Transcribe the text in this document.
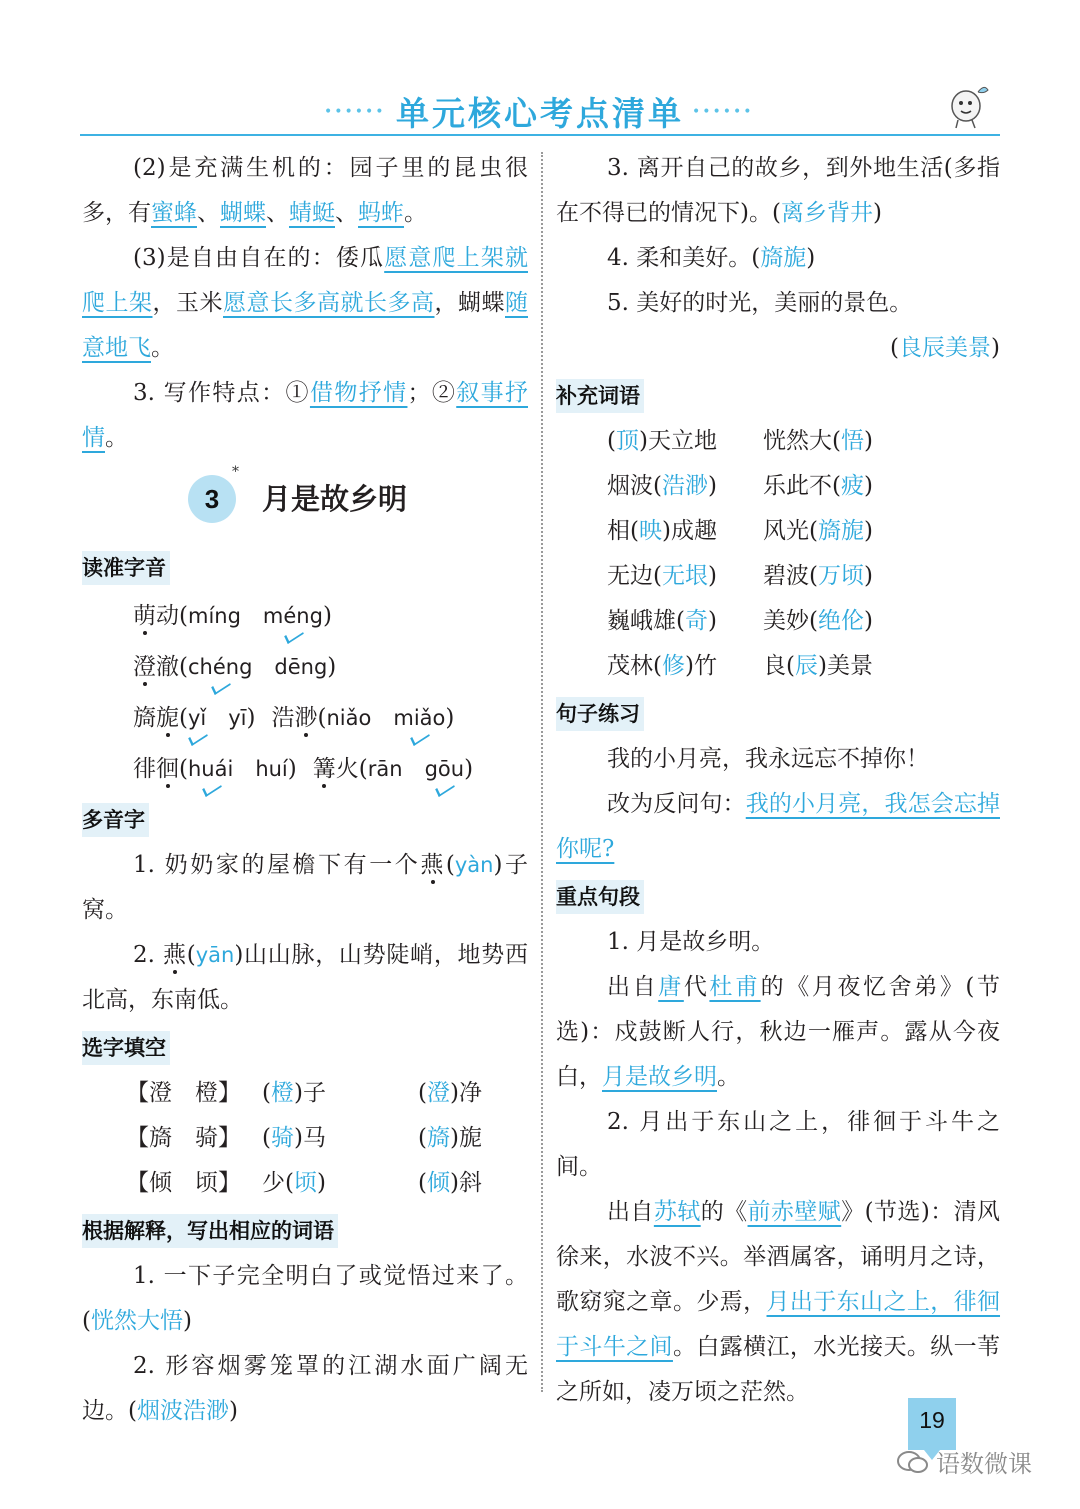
•••••• 单元核心考点清单 ••••••

(2)是充满生机的：园子里的昆虫很多，有蜜蜂、蝴蝶、蜻蜓、蚂蚱。

(3)是自由自在的：倭瓜愿意爬上架就爬上架，玉米愿意长多高就长多高，蝴蝶随意地飞。

3. 写作特点：①借物抒情；②叙事抒情。

3
*
月是故乡明
读准字音
萌动(míng méng)
澄澈(chéng dēng)
旖旎(yǐ yī) 浩渺(niǎo miǎo)
徘徊(huái huí) 篝火(rān gōu)
多音字

1. 奶奶家的屋檐下有一个燕(yàn)子窝。

2. 燕(yān)山山脉，山势陡峭，地势西北高，东南低。

选字填空
【澄　橙】 (橙)子	(澄)净
【旖　骑】 (骑)马	(旖)旎
【倾　顷】 少(顷)	(倾)斜
根据解释，写出相应的词语

1. 一下子完全明白了或觉悟过来了。(恍然大悟)

2. 形容烟雾笼罩的江湖水面广阔无边。(烟波浩渺)

3. 离开自己的故乡，到外地生活(多指在不得已的情况下)。(离乡背井)

4. 柔和美好。(旖旎)

5. 美好的时光，美丽的景色。

(良辰美景)

补充词语
(顶)天立地	恍然大(悟)
烟波(浩渺)	乐此不(疲)
相(映)成趣	风光(旖旎)
无边(无垠)	碧波(万顷)
巍峨雄(奇)	美妙(绝伦)
茂林(修)竹	良(辰)美景
句子练习

我的小月亮，我永远忘不掉你！

改为反问句：我的小月亮，我怎会忘掉你呢?

重点句段

1. 月是故乡明。

出自唐代杜甫的《月夜忆舍弟》(节选)：戍鼓断人行，秋边一雁声。露从今夜白，月是故乡明。

2. 月出于东山之上，徘徊于斗牛之间。

出自苏轼的《前赤壁赋》(节选)：清风徐来，水波不兴。举酒属客，诵明月之诗，歌窈窕之章。少焉，月出于东山之上，徘徊于斗牛之间。白露横江，水光接天。纵一苇之所如，凌万顷之茫然。

19
语数微课
